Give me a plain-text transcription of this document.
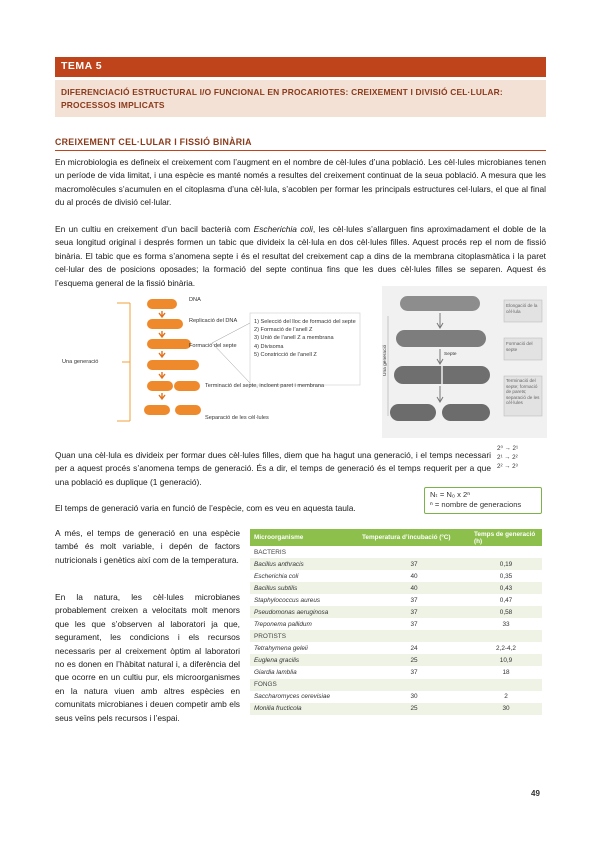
TEMA 5
DIFERENCIACIÓ ESTRUCTURAL I/O FUNCIONAL EN PROCARIOTES: CREIXEMENT I DIVISIÓ CEL·LULAR: PROCESSOS IMPLICATS
CREIXEMENT CEL·LULAR I FISSIÓ BINÀRIA
En microbiologia es defineix el creixement com l’augment en el nombre de cèl·lules d’una població. Les cèl·lules microbianes tenen un període de vida limitat, i una espècie es manté només a resultes del creixement continuat de la seua població. A mesura que les macromolècules s’acumulen en el citoplasma d’una cèl·lula, s’acoblen per formar les principals estructures cel·lulars, el que al final du al procés de divisió cel·lular.
En un cultiu en creixement d’un bacil bacterià com Escherichia coli, les cèl·lules s’allarguen fins aproximadament el doble de la seua longitud original i després formen un tabic que divideix la cèl·lula en dos cèl·lules filles. Aquest procés rep el nom de fissió binària. El tabic que es forma s’anomena septe i és el resultat del creixement cap a dins de la membrana citoplasmàtica i la paret cel·lular des de posicions oposades; la formació del septe continua fins que les dues cèl·lules filles se separen. Aquest és l’esquema general de la fissió binària.
DNA
Replicació del DNA
Formació del septe
Una generació
Terminació del septe, incloent paret i membrana
Separació de les cèl·lules
1) Selecció del lloc de formació del septe
2) Formació de l’anell Z
3) Unió de l’anell Z a membrana
4) Divisoma
5) Constricció de l’anell Z	Una generació	Septe
Elongació de la cèl·lula
Formació del septe
Terminació del septe; formació de parets; separació de les cèl·lules
Quan una cèl·lula es divideix per formar dues cèl·lules filles, diem que ha hagut una generació, i el temps necessari per a aquest procés s’anomena temps de generació. És a dir, el temps de generació és el temps requerit per a que una població es duplique (1 generació).
2⁰ → 2¹
2¹ → 2²
2² → 2³
El temps de generació varia en funció de l’espècie, com es veu en aquesta taula.
Nₜ = N₀ x 2ⁿ
ⁿ = nombre de generacions
A més, el temps de generació en una espècie també és molt variable, i depén de factors nutricionals i genètics així com de la temperatura.
En la natura, les cèl·lules microbianes probablement creixen a velocitats molt menors que les que s’observen al laboratori ja que, segurament, les condicions i els recursos necessaris per al creixement òptim al laboratori no es donen en l’hàbitat natural i, a diferència del que ocorre en un cultiu pur, els microorganismes en la natura viuen amb altres espècies en comunitats microbianes i deuen competir amb els seus veïns pels recursos i l’espai.
Microorganisme	Temperatura d’incubació (ºC)	Temps de generació (h)
BACTERIS		
Bacillus anthracis	37	0,19
Escherichia coli	40	0,35
Bacillus subtilis	40	0,43
Staphylococcus aureus	37	0,47
Pseudomonas aeruginosa	37	0,58
Treponema pallidum	37	33
PROTISTS		
Tetrahymena geleii	24	2,2-4,2
Euglena gracilis	25	10,9
Giardia lamblia	37	18
FONGS		
Saccharomyces cerevisiae	30	2
Monilia fructicola	25	30
49
